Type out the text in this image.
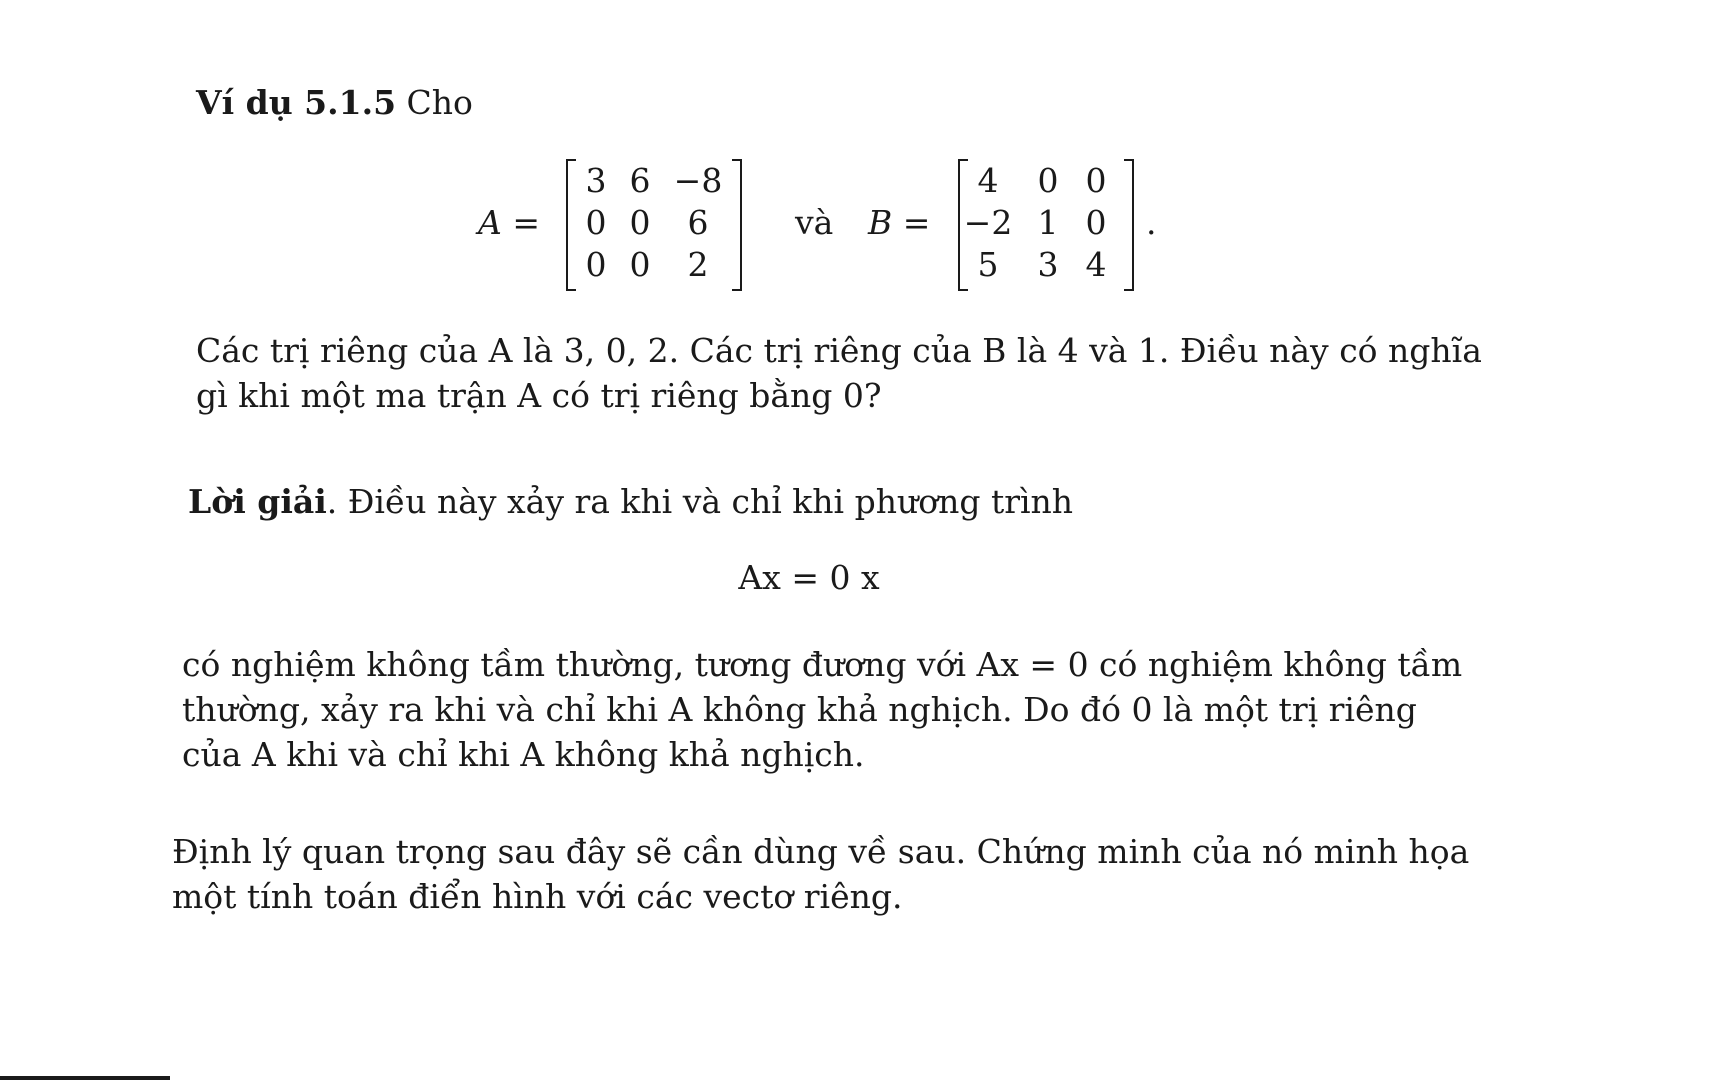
Ví dụ 5.1.5 Cho
A =
3 6 −8
0 0	6
0 0	2
và B =
4	0 0
−2 1 0
5	3 4
.
Các trị riêng của A là 3, 0, 2. Các trị riêng của B là 4 và 1. Điều này có nghĩa
gì khi một ma trận A có trị riêng bằng 0?
Lời giải. Điều này xảy ra khi và chỉ khi phương trình
Ax = 0 x
có nghiệm không tầm thường, tương đương với Ax = 0 có nghiệm không tầm
thường, xảy ra khi và chỉ khi A không khả nghịch. Do đó 0 là một trị riêng
của A khi và chỉ khi A không khả nghịch.
Định lý quan trọng sau đây sẽ cần dùng về sau. Chứng minh của nó minh họa
một tính toán điển hình với các vectơ riêng.
